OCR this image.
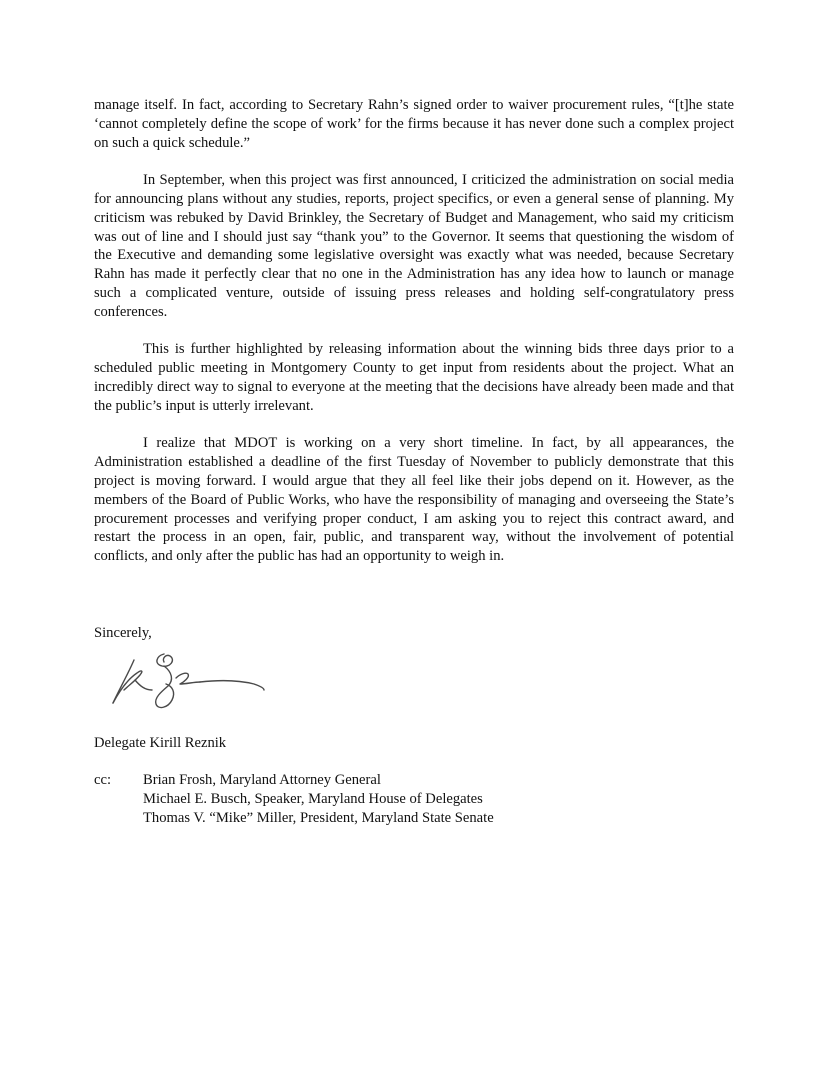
manage itself. In fact, according to Secretary Rahn’s signed order to waiver procurement rules, “[t]he state ‘cannot completely define the scope of work’ for the firms because it has never done such a complex project on such a quick schedule.”

In September, when this project was first announced, I criticized the administration on social media for announcing plans without any studies, reports, project specifics, or even a general sense of planning. My criticism was rebuked by David Brinkley, the Secretary of Budget and Management, who said my criticism was out of line and I should just say “thank you” to the Governor. It seems that questioning the wisdom of the Executive and demanding some legislative oversight was exactly what was needed, because Secretary Rahn has made it perfectly clear that no one in the Administration has any idea how to launch or manage such a complicated venture, outside of issuing press releases and holding self-congratulatory press conferences.

This is further highlighted by releasing information about the winning bids three days prior to a scheduled public meeting in Montgomery County to get input from residents about the project. What an incredibly direct way to signal to everyone at the meeting that the decisions have already been made and that the public’s input is utterly irrelevant.

I realize that MDOT is working on a very short timeline. In fact, by all appearances, the Administration established a deadline of the first Tuesday of November to publicly demonstrate that this project is moving forward. I would argue that they all feel like their jobs depend on it. However, as the members of the Board of Public Works, who have the responsibility of managing and overseeing the State’s procurement processes and verifying proper conduct, I am asking you to reject this contract award, and restart the process in an open, fair, public, and transparent way, without the involvement of potential conflicts, and only after the public has had an opportunity to weigh in.

Sincerely,
Delegate Kirill Reznik
cc: Brian Frosh, Maryland Attorney General
Michael E. Busch, Speaker, Maryland House of Delegates
Thomas V. “Mike” Miller, President, Maryland State Senate
